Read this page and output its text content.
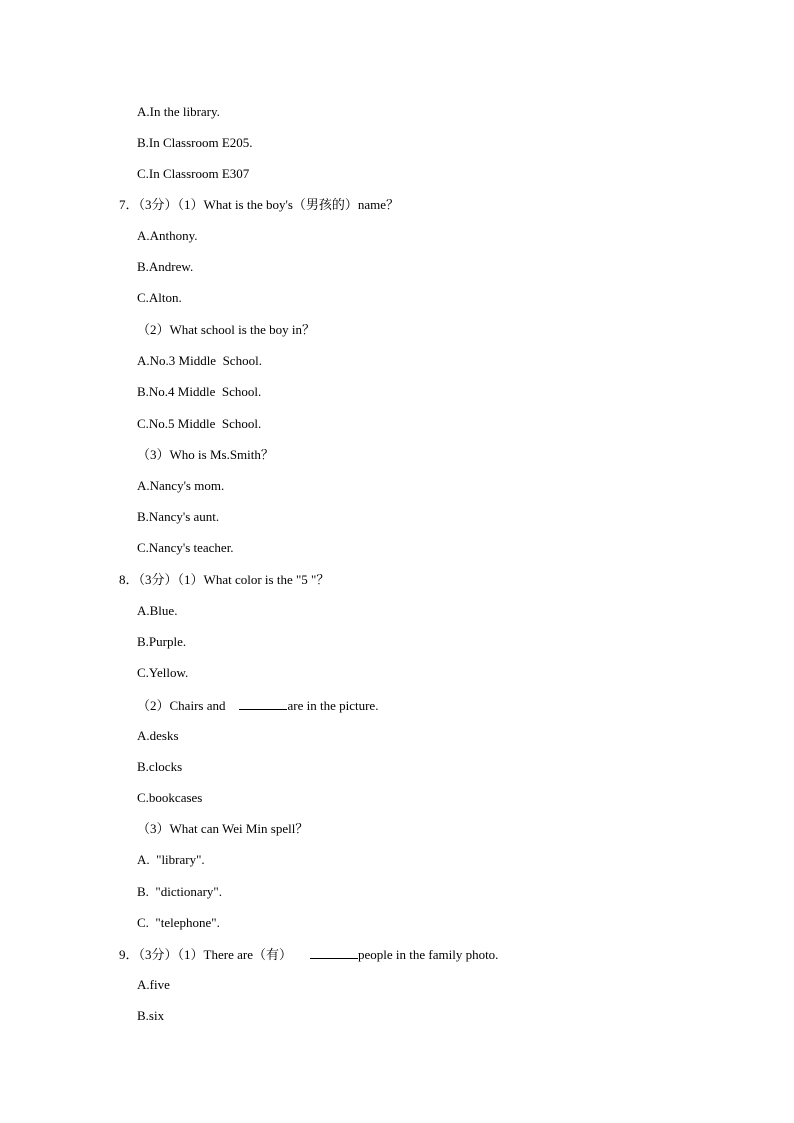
A.In the library.
B.In Classroom E205.
C.In Classroom E307
7．（3分）（1）What is the boy's（男孩的）name？
A.Anthony.
B.Andrew.
C.Alton.
（2）What school is the boy in？
A.No.3 Middle  School.
B.No.4 Middle  School.
C.No.5 Middle  School.
（3）Who is Ms.Smith？
A.Nancy's mom.
B.Nancy's aunt.
C.Nancy's teacher.
8．（3分）（1）What color is the "5 "？
A.Blue.
B.Purple.
C.Yellow.
（2）Chairs and	are in the picture.
A.desks
B.clocks
C.bookcases
（3）What can Wei Min spell？
A.  "library".
B.  "dictionary".
C.  "telephone".
9．（3分）（1）There are（有）	people in the family photo.
A.five
B.six
